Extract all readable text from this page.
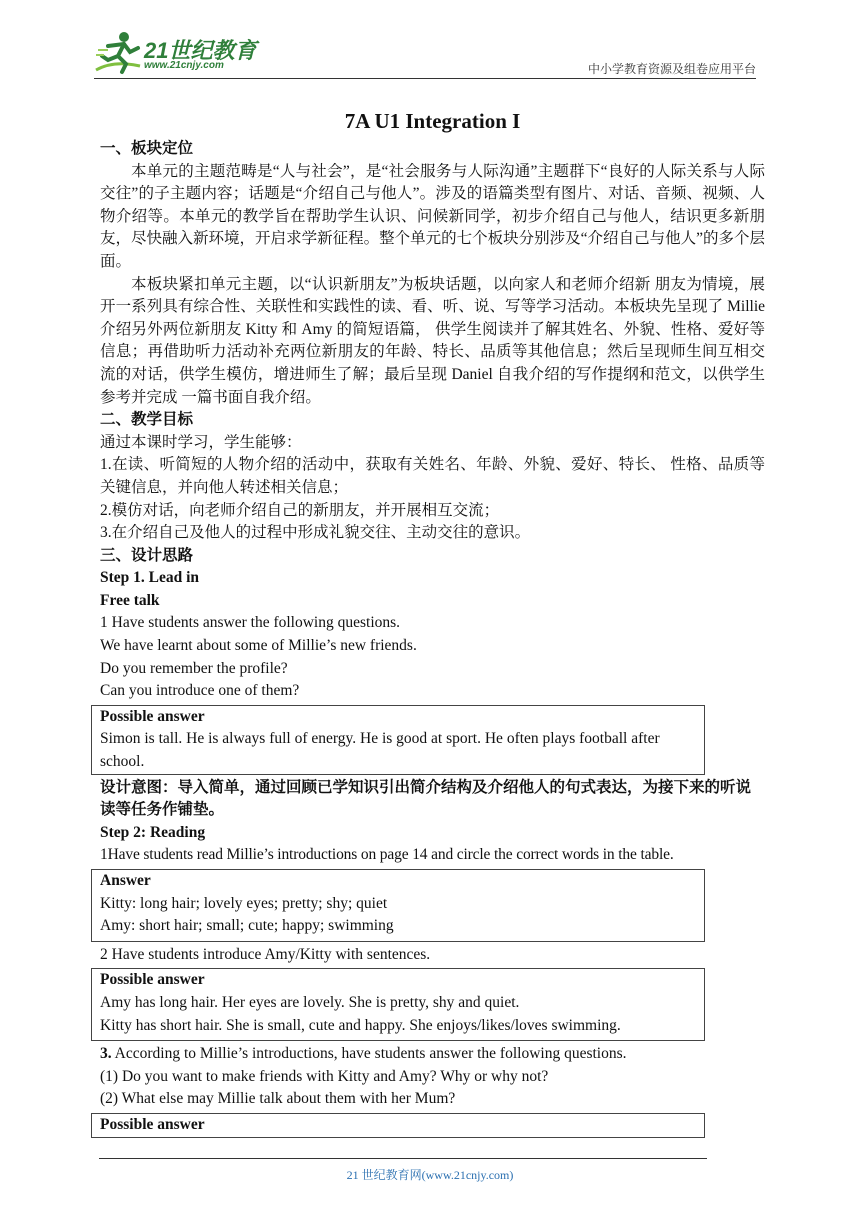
21世纪教育
www.21cnjy.com	中小学教育资源及组卷应用平台
7A U1 Integration I

一、板块定位

本单元的主题范畴是“人与社会”，是“社会服务与人际沟通”主题群下“良好的人际关系与人际交往”的子主题内容；话题是“介绍自己与他人”。涉及的语篇类型有图片、对话、音频、视频、人物介绍等。本单元的教学旨在帮助学生认识、问候新同学，初步介绍自己与他人，结识更多新朋友，尽快融入新环境，开启求学新征程。整个单元的七个板块分别涉及“介绍自己与他人”的多个层面。

本板块紧扣单元主题，以“认识新朋友”为板块话题，以向家人和老师介绍新 朋友为情境，展开一系列具有综合性、关联性和实践性的读、看、听、说、写等学习活动。本板块先呈现了 Millie 介绍另外两位新朋友 Kitty 和 Amy 的简短语篇， 供学生阅读并了解其姓名、外貌、性格、爱好等信息；再借助听力活动补充两位新朋友的年龄、特长、品质等其他信息；然后呈现师生间互相交流的对话，供学生模仿，增进师生了解；最后呈现 Daniel 自我介绍的写作提纲和范文，以供学生参考并完成 一篇书面自我介绍。

二、教学目标

通过本课时学习，学生能够：

1.在读、听简短的人物介绍的活动中，获取有关姓名、年龄、外貌、爱好、特长、 性格、品质等关键信息，并向他人转述相关信息；

2.模仿对话，向老师介绍自己的新朋友，并开展相互交流；

3.在介绍自己及他人的过程中形成礼貌交往、主动交往的意识。

三、设计思路

Step 1. Lead in

Free talk

1 Have students answer the following questions.

We have learnt about some of Millie’s new friends.

Do you remember the profile?

Can you introduce one of them?

Possible answer

Simon is tall. He is always full of energy. He is good at sport. He often plays football after school.

设计意图：导入简单，通过回顾已学知识引出简介结构及介绍他人的句式表达，为接下来的听说读等任务作铺垫。

Step 2: Reading

1Have students read Millie’s introductions on page 14 and circle the correct words in the table.

Answer

Kitty: long hair; lovely eyes; pretty; shy; quiet

Amy: short hair; small; cute; happy; swimming

2 Have students introduce Amy/Kitty with sentences.

Possible answer

Amy has long hair. Her eyes are lovely. She is pretty, shy and quiet.

Kitty has short hair. She is small, cute and happy. She enjoys/likes/loves swimming.

3. According to Millie’s introductions, have students answer the following questions.

(1) Do you want to make friends with Kitty and Amy? Why or why not?

(2) What else may Millie talk about them with her Mum?

Possible answer

21 世纪教育网(www.21cnjy.com)
